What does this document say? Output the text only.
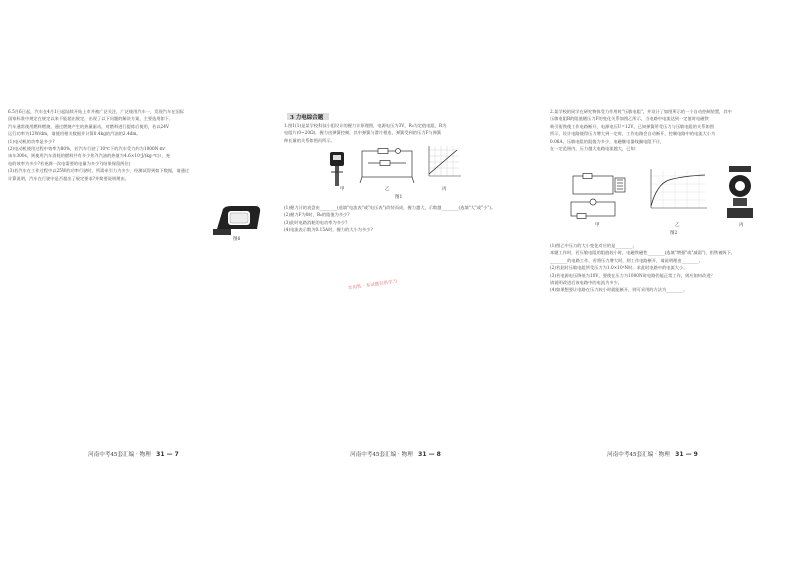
6.5月6日起，汽车在4月1日起陆续开始上市并被广泛关注，广泛使用汽车一，发现汽车在国际
国家标准中规定在规定以来不能超出规定，出现了以下问题的解决方案，主要选用如下。
汽车通常使用燃料燃烧，通过燃烧产生的热量驱动，对燃料进行提炼后使用，若以24V
运行功率为12W/dm，请使用相关数据并计算0.4kg的汽油的2.4dm。
(1)电动机的功率是多少?
(2)电动机使用过程中效率为80%，若汽车行驶了10℃下的汽车受力约为1000N·m²
该车300s，则使用汽车消耗的燃料共有多少焦?(汽油的热值为4.6×10⁷J/(kg·℃)），充
电的效率为多少?若充满一次电需要的电量为多少?(结果保留两位)
(3)若汽车在工作过程中以25W的功率行驶时，所需牵引力为多少，经测试得到如下数据，请通过
计算说明，汽车在行驶中是否超出了规定要求?并简要说明理由。
图6
河南中考45套汇编 · 物理 31 — 7
3 力电综合题
1.图1(1)是某学校科技小组设计的握力计原理图，电源电压为3V，R₀为定值电阻，R为
电阻片(0~20Ω)，握力由弹簧控制，其中弹簧与滑片相连，弹簧受到的压力F与弹簧
伸长量的关系如图丙所示。
甲	乙	丙
图1
(1)握力计的表盘由________(选填"电流表"或"电压表")改装而成，握力越大，示数越________(选填"大"或"小")。
(2)握力F为0时，R₀的阻值为多少?
(3)此时电路消耗的电功率为多少?
(4)电流表示数为0.15A时，握力的大小为多少?
实用性 · 本试题仅供学习
河南中考45套汇编 · 物理 31 — 8
2.某学校的同学在研究物体受力作用时"压敏电阻"，并设计了如图所示的一个自动控制装置，其中
压敏电阻R的阻值随压力F的变化关系如图乙所示，当电路中电流达到一定值时电磁铁
吸引衔铁使工作电路断开，电源电压U=12V，已知弹簧所受压力与压敏电阻的关系如图
所示，设计电路使得压力增大到一定时，工作电路会自动断开，控制电路中的电流大小为
0.06A，压敏电阻的阻值为多少，电磁继电器线圈电阻不计，
在一定范围内，压力越大电路电流越大，已知：
甲	乙	丙
图2
(1)图乙中压力的大小变化对应的是________。
本题工作时，若压敏电阻的阻值较小时，电磁铁磁性________(选填"增强"或"减弱")，衔铁被吸下，
________的电路工作，若将压力增大时，则工作电路断开，请说明理由________。
(2)若此时压敏电阻所受压力为1.0×10³N时，求此时电路中的电流大小。
(3)若电源电压降低为10V，要使在压力为1000N时电路仍能正常工作，则应如何改进？
请说明改进后该电路中的电流为多少。
(4)如果想要让电路在压力较小时就能断开，则可采用的方法为________。
河南中考45套汇编 · 物理 31 — 9
